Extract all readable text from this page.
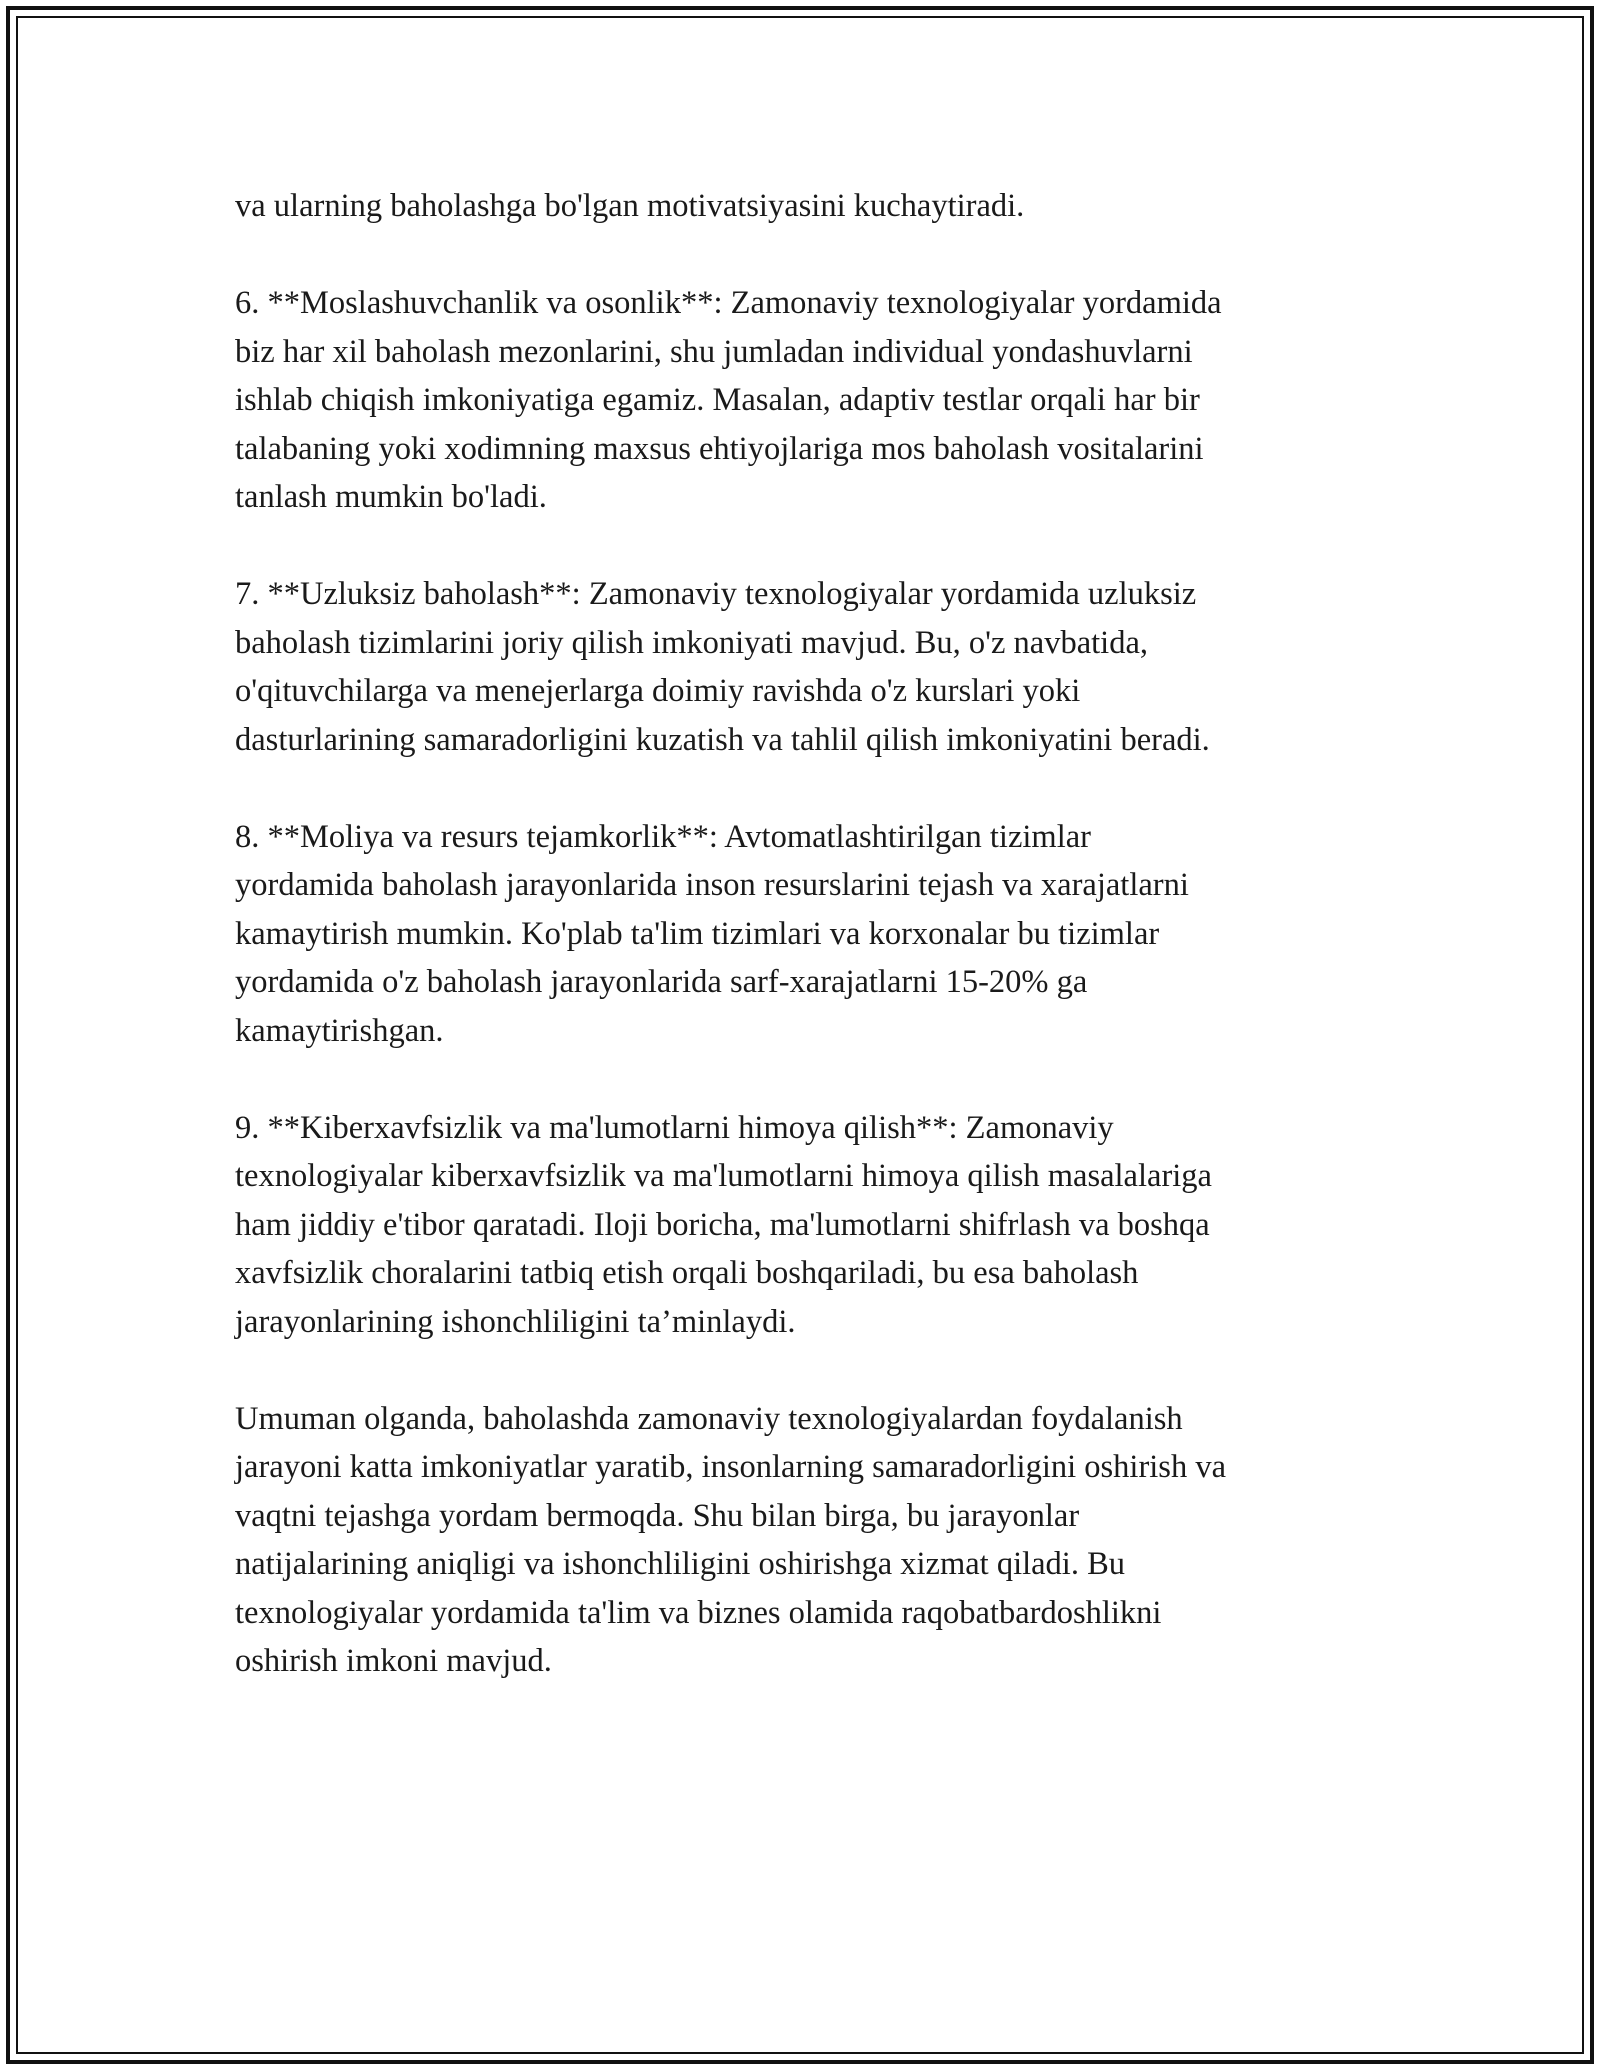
va ularning baholashga bo'lgan motivatsiyasini kuchaytiradi.

6. **Moslashuvchanlik va osonlik**: Zamonaviy texnologiyalar yordamida
biz har xil baholash mezonlarini, shu jumladan individual yondashuvlarni
ishlab chiqish imkoniyatiga egamiz. Masalan, adaptiv testlar orqali har bir
talabaning yoki xodimning maxsus ehtiyojlariga mos baholash vositalarini
tanlash mumkin bo'ladi.

7. **Uzluksiz baholash**: Zamonaviy texnologiyalar yordamida uzluksiz
baholash tizimlarini joriy qilish imkoniyati mavjud. Bu, o'z navbatida,
o'qituvchilarga va menejerlarga doimiy ravishda o'z kurslari yoki
dasturlarining samaradorligini kuzatish va tahlil qilish imkoniyatini beradi.

8. **Moliya va resurs tejamkorlik**: Avtomatlashtirilgan tizimlar
yordamida baholash jarayonlarida inson resurslarini tejash va xarajatlarni
kamaytirish mumkin. Ko'plab ta'lim tizimlari va korxonalar bu tizimlar
yordamida o'z baholash jarayonlarida sarf-xarajatlarni 15-20% ga
kamaytirishgan.

9. **Kiberxavfsizlik va ma'lumotlarni himoya qilish**: Zamonaviy
texnologiyalar kiberxavfsizlik va ma'lumotlarni himoya qilish masalalariga
ham jiddiy e'tibor qaratadi. Iloji boricha, ma'lumotlarni shifrlash va boshqa
xavfsizlik choralarini tatbiq etish orqali boshqariladi, bu esa baholash
jarayonlarining ishonchliligini ta’minlaydi.

Umuman olganda, baholashda zamonaviy texnologiyalardan foydalanish
jarayoni katta imkoniyatlar yaratib, insonlarning samaradorligini oshirish va
vaqtni tejashga yordam bermoqda. Shu bilan birga, bu jarayonlar
natijalarining aniqligi va ishonchliligini oshirishga xizmat qiladi. Bu
texnologiyalar yordamida ta'lim va biznes olamida raqobatbardoshlikni
oshirish imkoni mavjud.
